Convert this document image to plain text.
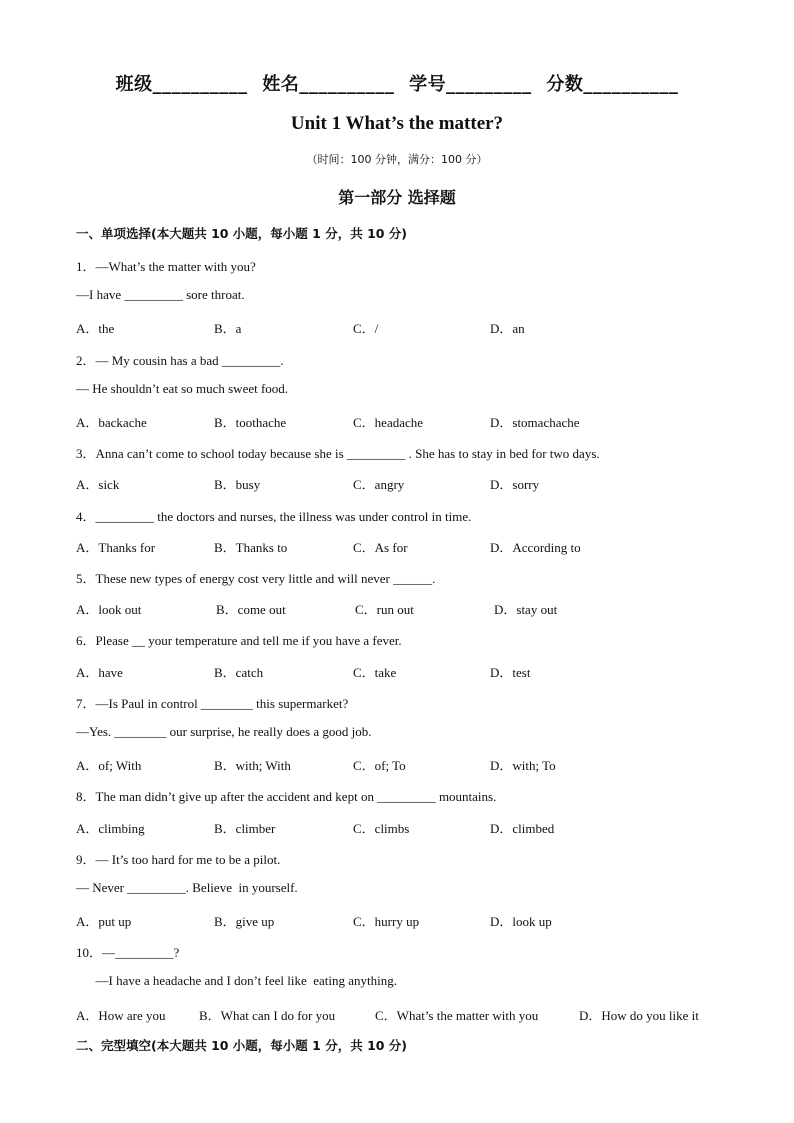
班级__________ 姓名__________ 学号_________ 分数__________
Unit 1 What’s the matter?
（时间：100 分钟，满分：100 分）
第一部分 选择题
一、单项选择(本大题共 10 小题，每小题 1 分，共 10 分)
1．—What’s the matter with you?
—I have _________ sore throat.
A．the	B．a	C．/	D．an
2．— My cousin has a bad _________.
— He shouldn’t eat so much sweet food.
A．backache	B．toothache	C．headache	D．stomachache
3．Anna can’t come to school today because she is _________ . She has to stay in bed for two days.
A．sick	B．busy	C．angry	D．sorry
4．_________ the doctors and nurses, the illness was under control in time.
A．Thanks for	B．Thanks to	C．As for	D．According to
5．These new types of energy cost very little and will never ______.
A．look out	B．come out	C．run out	D．stay out
6．Please __ your temperature and tell me if you have a fever.
A．have	B．catch	C．take	D．test
7．—Is Paul in control ________ this supermarket?
—Yes. ________ our surprise, he really does a good job.
A．of; With	B．with; With	C．of; To	D．with; To
8．The man didn’t give up after the accident and kept on _________ mountains.
A．climbing	B．climber	C．climbs	D．climbed
9．— It’s too hard for me to be a pilot.
— Never _________. Believe  in yourself.
A．put up	B．give up	C．hurry up	D．look up
10．—_________?
—I have a headache and I don’t feel like  eating anything.
A．How are you	B．What can I do for you	C．What’s the matter with you	D．How do you like it
二、完型填空(本大题共 10 小题，每小题 1 分，共 10 分)
